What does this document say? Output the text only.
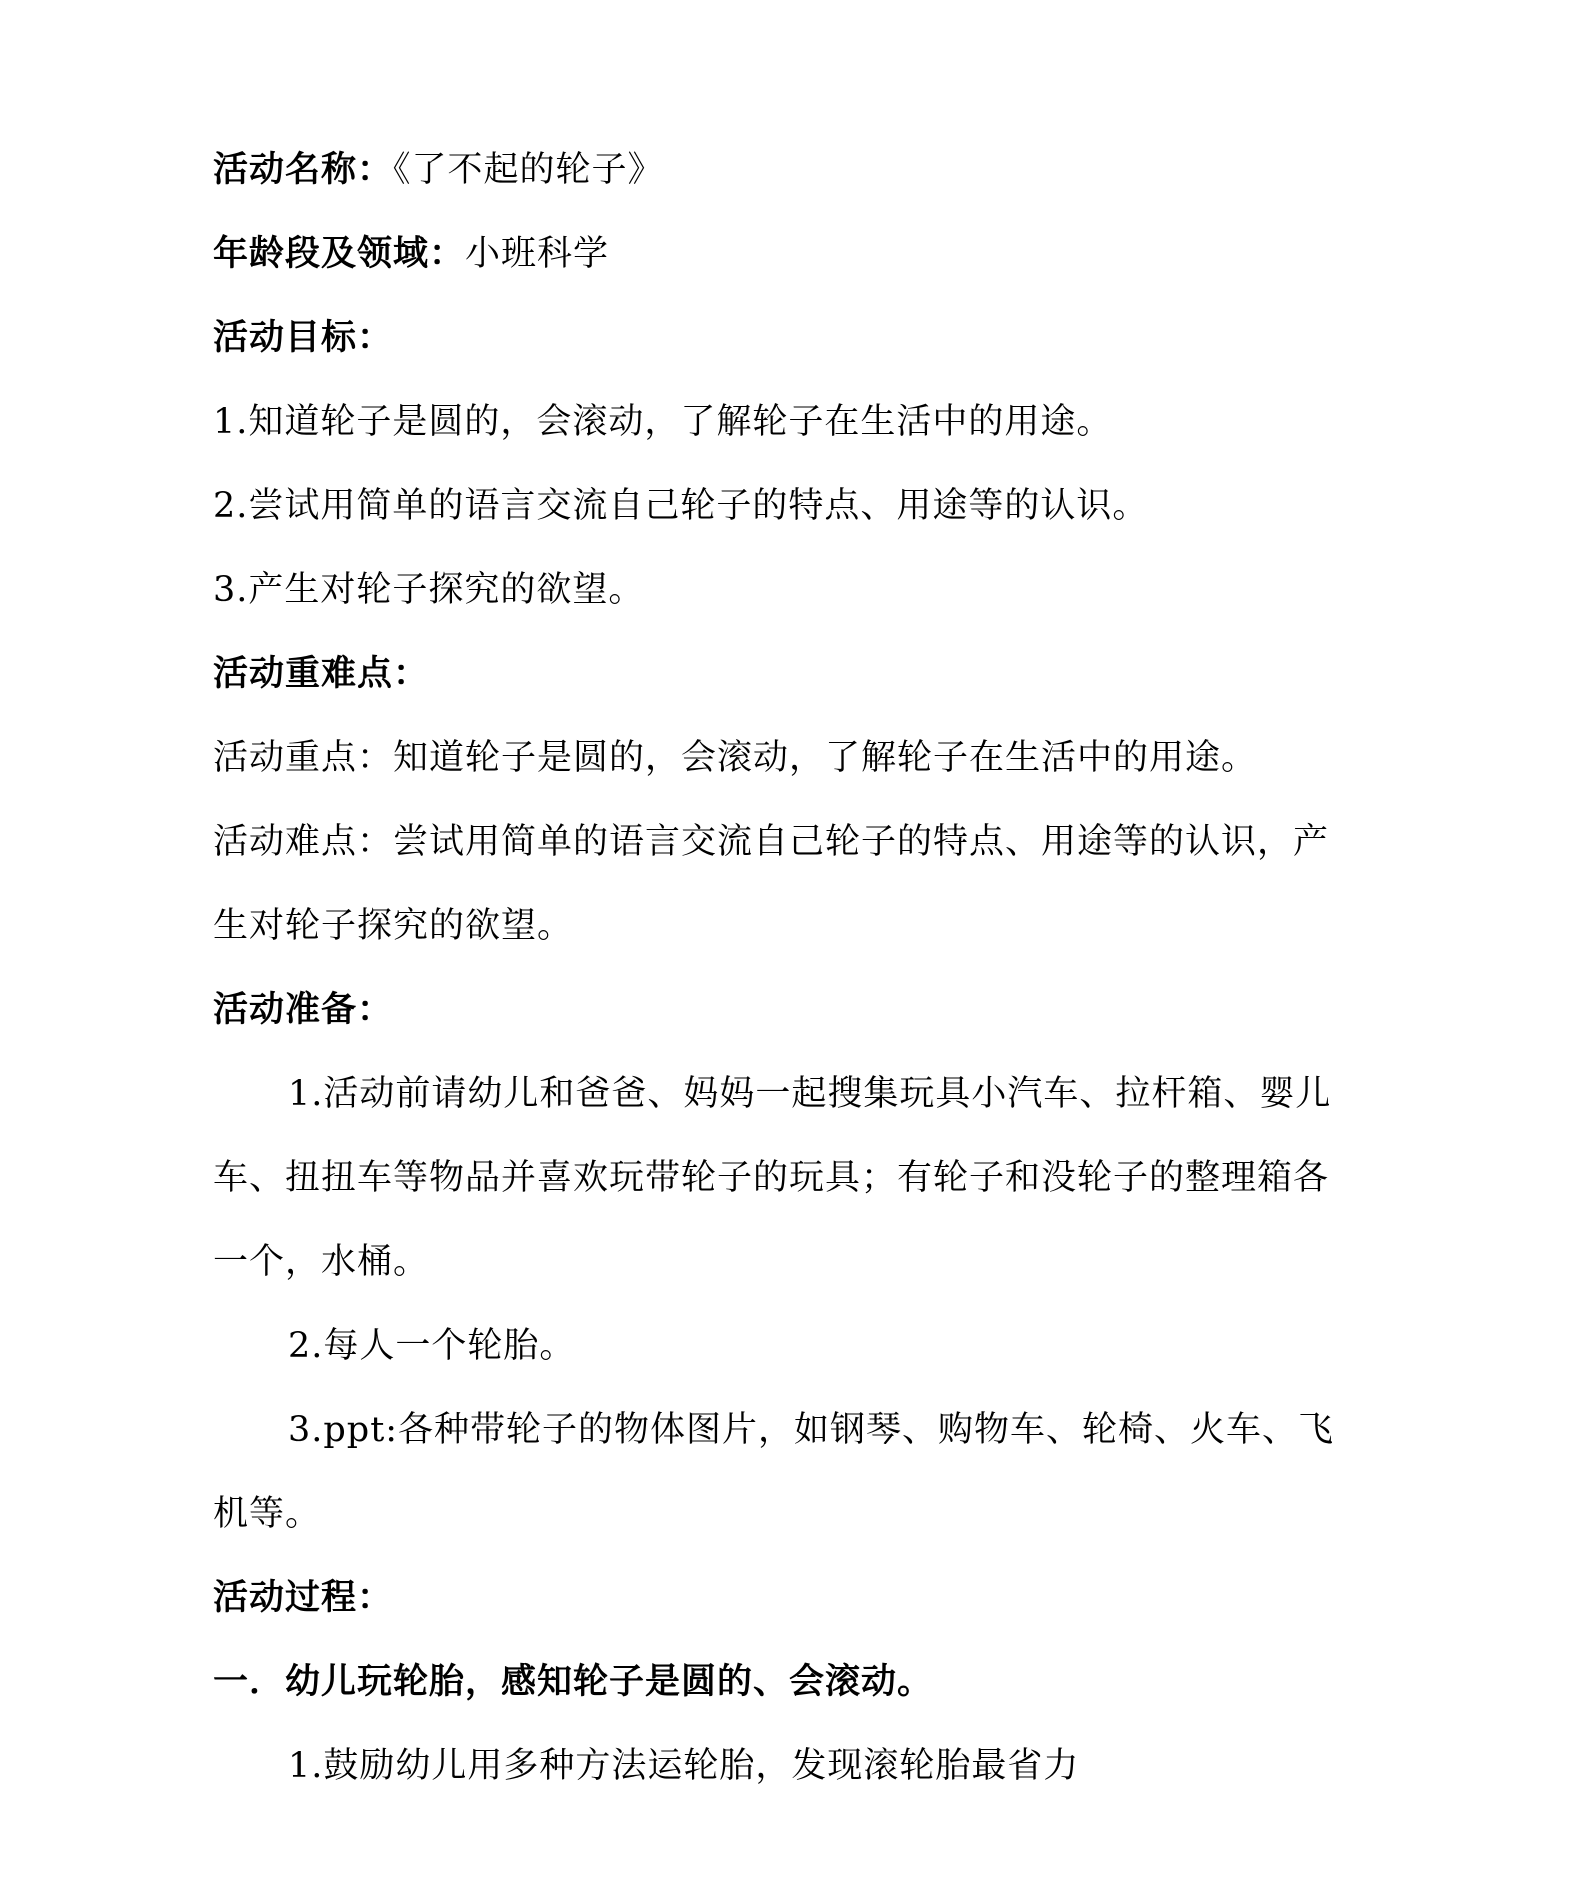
活动名称：《了不起的轮子》
年龄段及领域：小班科学
活动目标：
1.知道轮子是圆的，会滚动，了解轮子在生活中的用途。
2.尝试用简单的语言交流自己轮子的特点、用途等的认识。
3.产生对轮子探究的欲望。
活动重难点：
活动重点：知道轮子是圆的，会滚动，了解轮子在生活中的用途。
活动难点：尝试用简单的语言交流自己轮子的特点、用途等的认识，产
生对轮子探究的欲望。
活动准备：
1.活动前请幼儿和爸爸、妈妈一起搜集玩具小汽车、拉杆箱、婴儿
车、扭扭车等物品并喜欢玩带轮子的玩具；有轮子和没轮子的整理箱各
一个，水桶。
2.每人一个轮胎。
3.ppt:各种带轮子的物体图片，如钢琴、购物车、轮椅、火车、飞
机等。
活动过程：
一．幼儿玩轮胎，感知轮子是圆的、会滚动。
1.鼓励幼儿用多种方法运轮胎，发现滚轮胎最省力
